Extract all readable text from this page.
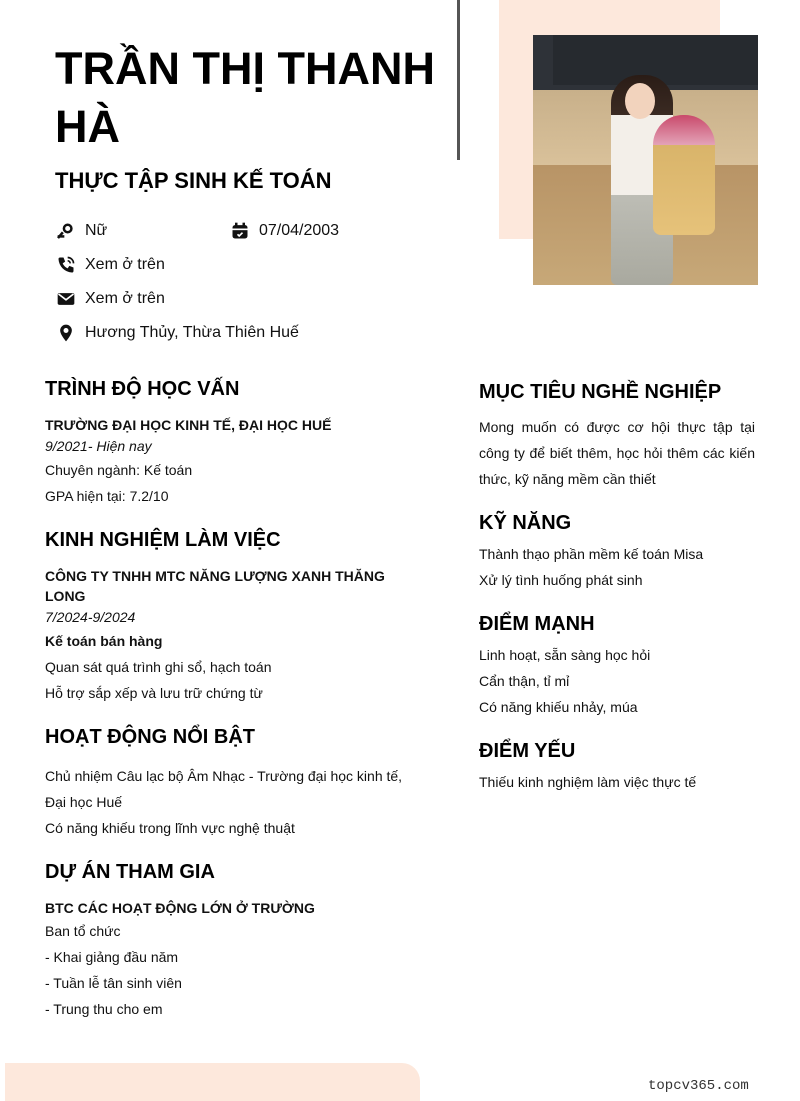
TRẦN THỊ THANH HÀ
THỰC TẬP SINH KẾ TOÁN
Nữ	07/04/2003
Xem ở trên
Xem ở trên
Hương Thủy, Thừa Thiên Huế
TRÌNH ĐỘ HỌC VẤN
TRƯỜNG ĐẠI HỌC KINH TẾ, ĐẠI HỌC HUẾ
9/2021- Hiện nay
Chuyên ngành: Kế toán
GPA hiện tại: 7.2/10
KINH NGHIỆM LÀM VIỆC
CÔNG TY TNHH MTC NĂNG LƯỢNG XANH THĂNG LONG
7/2024-9/2024
Kế toán bán hàng
Quan sát quá trình ghi sổ, hạch toán
Hỗ trợ sắp xếp và lưu trữ chứng từ
HOẠT ĐỘNG NỔI BẬT
Chủ nhiệm Câu lạc bộ Âm Nhạc - Trường đại học kinh tế, Đại học Huế
Có năng khiếu trong lĩnh vực nghệ thuật
DỰ ÁN THAM GIA
BTC CÁC HOẠT ĐỘNG LỚN Ở TRƯỜNG
Ban tổ chức
- Khai giảng đầu năm
- Tuần lễ tân sinh viên
- Trung thu cho em
MỤC TIÊU NGHỀ NGHIỆP
Mong muốn có được cơ hội thực tập tại công ty để biết thêm, học hỏi thêm các kiến thức, kỹ năng mềm cần thiết
KỸ NĂNG
Thành thạo phần mềm kế toán Misa
Xử lý tình huống phát sinh
ĐIỂM MẠNH
Linh hoạt, sẵn sàng học hỏi
Cẩn thận, tỉ mỉ
Có năng khiếu nhảy, múa
ĐIỂM YẾU
Thiếu kinh nghiệm làm việc thực tế
topcv365.com
